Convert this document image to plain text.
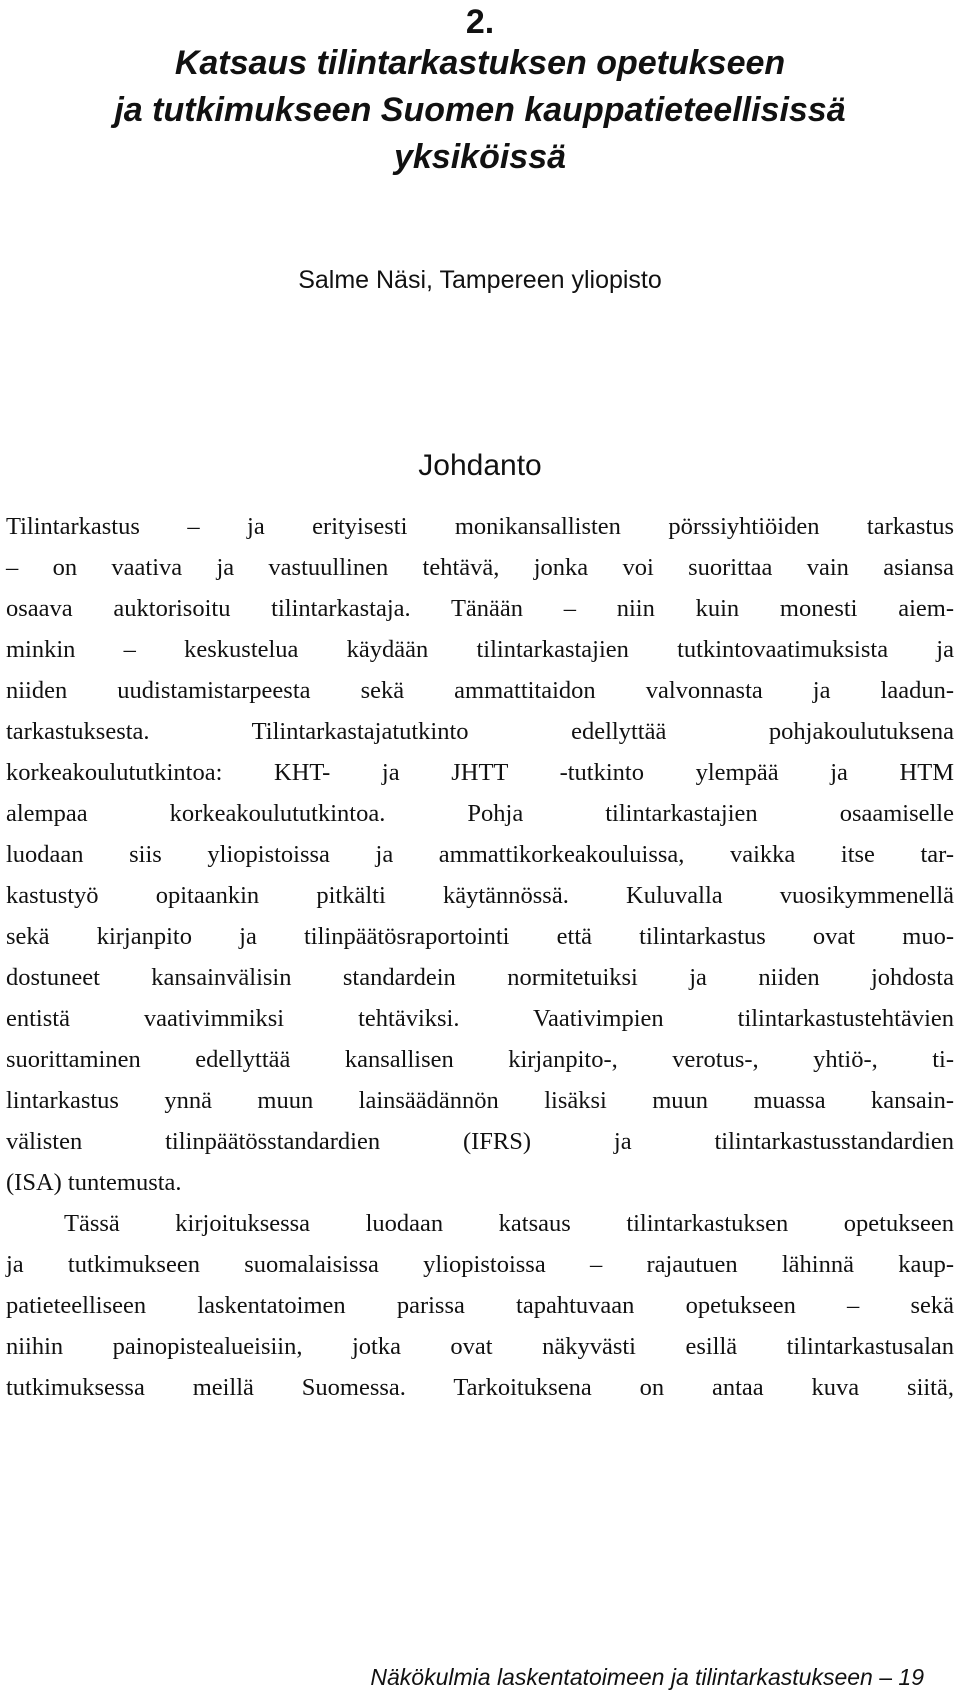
2.
Katsaus tilintarkastuksen opetukseen
ja tutkimukseen Suomen kauppatieteellisissä
yksiköissä
Salme Näsi, Tampereen yliopisto
Johdanto
Tilintarkastus – ja erityisesti monikansallisten pörssiyhtiöiden tarkastus
– on vaativa ja vastuullinen tehtävä, jonka voi suorittaa vain asiansa
osaava auktorisoitu tilintarkastaja. Tänään – niin kuin monesti aiem-
minkin – keskustelua käydään tilintarkastajien tutkintovaatimuksista ja
niiden uudistamistarpeesta sekä ammattitaidon valvonnasta ja laadun-
tarkastuksesta. Tilintarkastajatutkinto edellyttää pohjakoulutuksena
korkeakoulututkintoa: KHT- ja JHTT -tutkinto ylempää ja HTM
alempaa korkeakoulututkintoa. Pohja tilintarkastajien osaamiselle
luodaan siis yliopistoissa ja ammattikorkeakouluissa, vaikka itse tar-
kastustyö opitaankin pitkälti käytännössä. Kuluvalla vuosikymmenellä
sekä kirjanpito ja tilinpäätösraportointi että tilintarkastus ovat muo-
dostuneet kansainvälisin standardein normitetuiksi ja niiden johdosta
entistä vaativimmiksi tehtäviksi. Vaativimpien tilintarkastustehtävien
suorittaminen edellyttää kansallisen kirjanpito-, verotus-, yhtiö-, ti-
lintarkastus ynnä muun lainsäädännön lisäksi muun muassa kansain-
välisten tilinpäätösstandardien (IFRS) ja tilintarkastusstandardien
(ISA) tuntemusta.
Tässä kirjoituksessa luodaan katsaus tilintarkastuksen opetukseen
ja tutkimukseen suomalaisissa yliopistoissa – rajautuen lähinnä kaup-
patieteelliseen laskentatoimen parissa tapahtuvaan opetukseen – sekä
niihin painopistealueisiin, jotka ovat näkyvästi esillä tilintarkastusalan
tutkimuksessa meillä Suomessa. Tarkoituksena on antaa kuva siitä,
Näkökulmia laskentatoimeen ja tilintarkastukseen – 19
